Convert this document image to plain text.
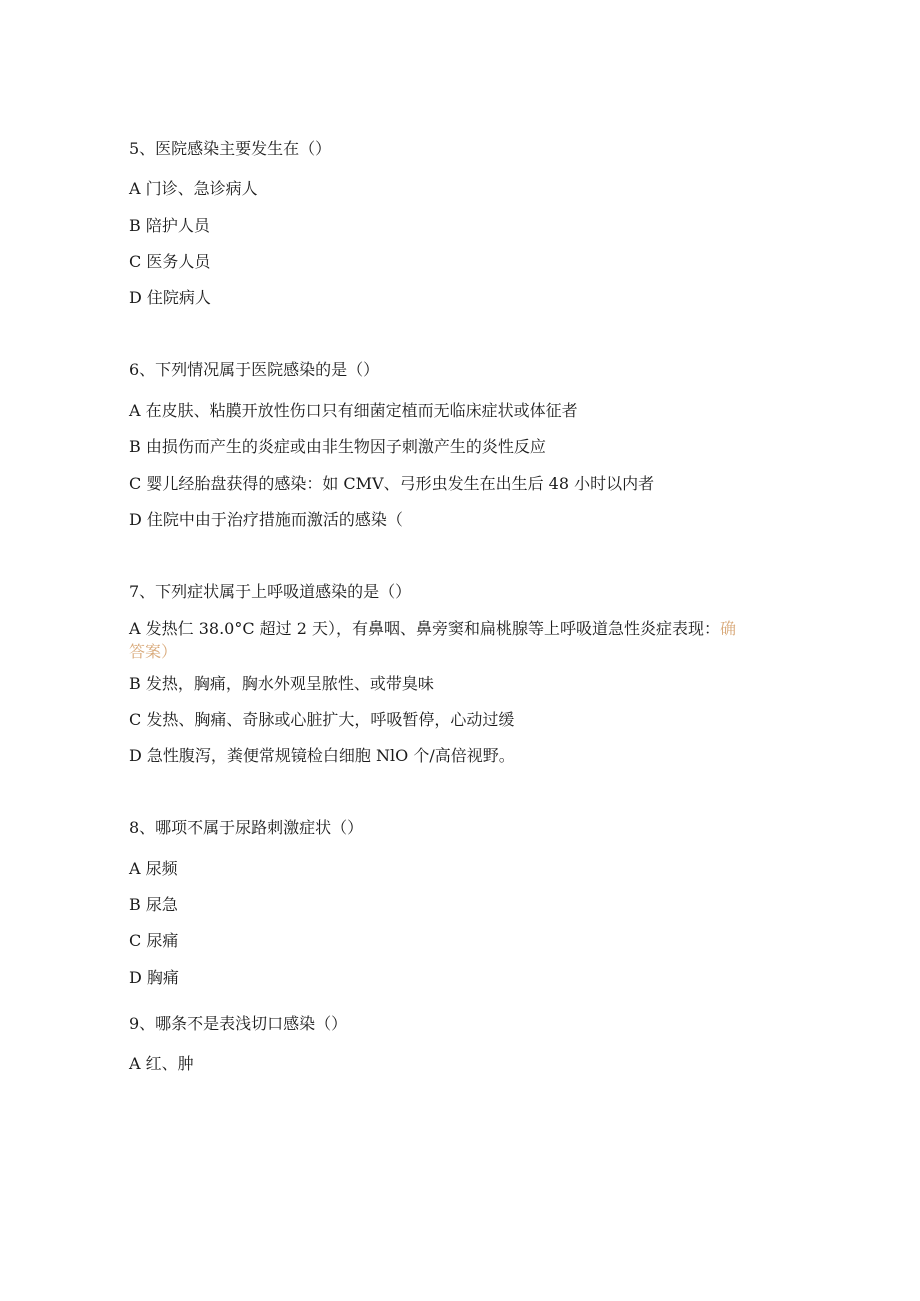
5、医院感染主要发生在（）
A 门诊、急诊病人
B 陪护人员
C 医务人员
D 住院病人
6、下列情况属于医院感染的是（）
A 在皮肤、粘膜开放性伤口只有细菌定植而无临床症状或体征者
B 由损伤而产生的炎症或由非生物因子刺激产生的炎性反应
C 婴儿经胎盘获得的感染：如 CMV、弓形虫发生在出生后 48 小时以内者
D 住院中由于治疗措施而激活的感染（
7、下列症状属于上呼吸道感染的是（）
A 发热仁 38.0°C 超过 2 天），有鼻咽、鼻旁窦和扁桃腺等上呼吸道急性炎症表现：确
答案）
B 发热，胸痛，胸水外观呈脓性、或带臭味
C 发热、胸痛、奇脉或心脏扩大，呼吸暂停，心动过缓
D 急性腹泻，粪便常规镜检白细胞 NlO 个/高倍视野。
8、哪项不属于尿路刺激症状（）
A 尿频
B 尿急
C 尿痛
D 胸痛
9、哪条不是表浅切口感染（）
A 红、肿
